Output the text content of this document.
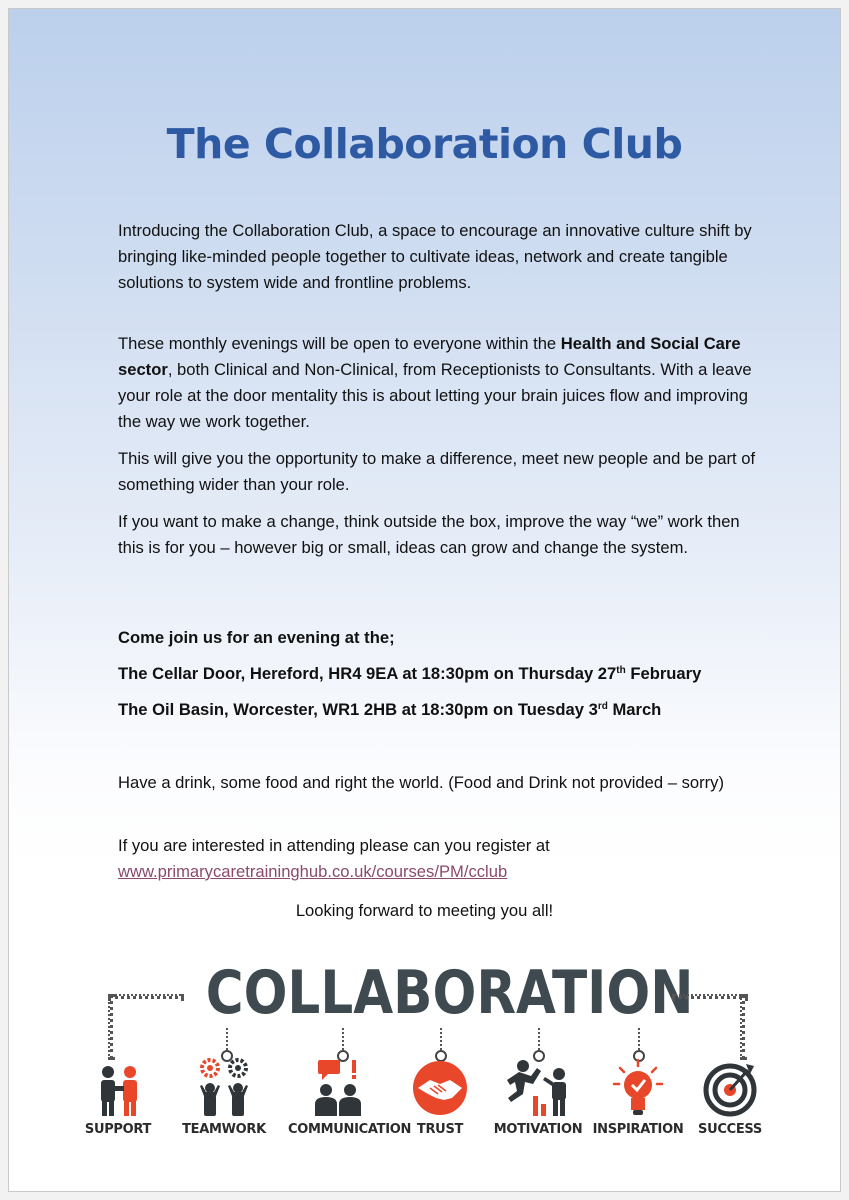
The Collaboration Club

Introducing the Collaboration Club, a space to encourage an innovative culture shift by bringing like-minded people together to cultivate ideas, network and create tangible solutions to system wide and frontline problems.

These monthly evenings will be open to everyone within the Health and Social Care sector, both Clinical and Non-Clinical, from Receptionists to Consultants. With a leave your role at the door mentality this is about letting your brain juices flow and improving the way we work together.

This will give you the opportunity to make a difference, meet new people and be part of something wider than your role.

If you want to make a change, think outside the box, improve the way “we” work then this is for you – however big or small, ideas can grow and change the system.

Come join us for an evening at the;
The Cellar Door, Hereford, HR4 9EA at 18:30pm on Thursday 27th February
The Oil Basin, Worcester, WR1 2HB at 18:30pm on Tuesday 3rd March
Have a drink, some food and right the world. (Food and Drink not provided – sorry)
If you are interested in attending please can you register at
www.primarycaretraininghub.co.uk/courses/PM/cclub
Looking forward to meeting you all!
COLLABORATION
SUPPORT	TEAMWORK	COMMUNICATION TRUST	MOTIVATION INSPIRATION	SUCCESS
